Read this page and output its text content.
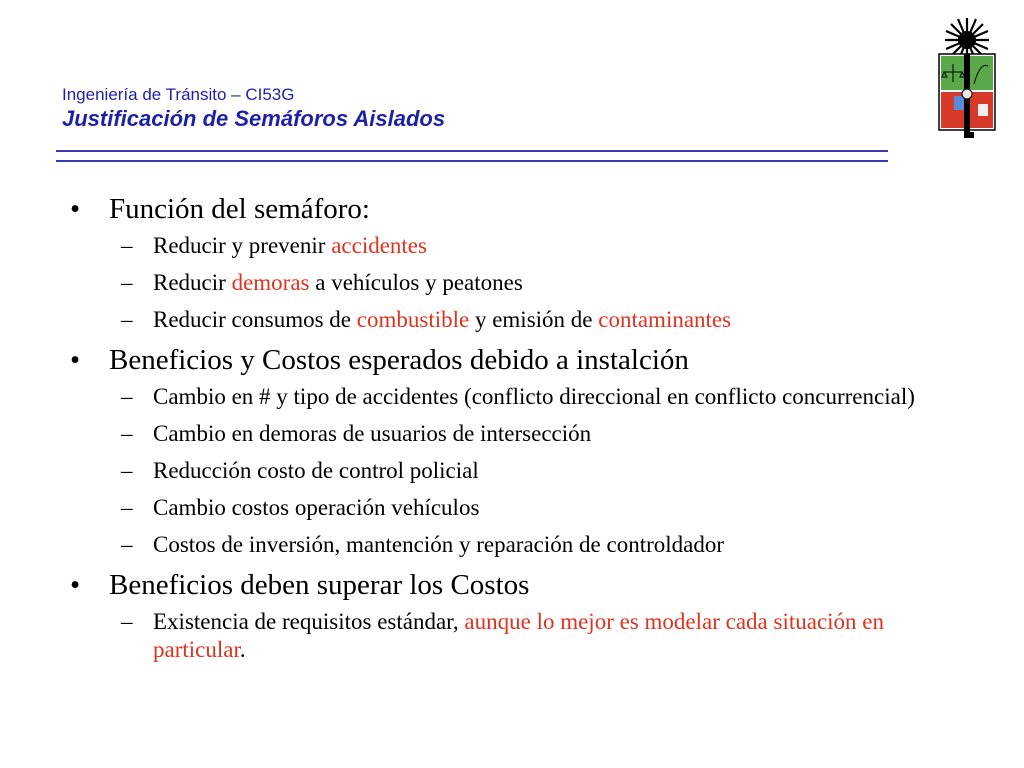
Ingeniería de Tránsito – CI53G
Justificación de Semáforos Aislados
• Función del semáforo:
– Reducir y prevenir accidentes
– Reducir demoras a vehículos y peatones
– Reducir consumos de combustible y emisión de contaminantes
• Beneficios y Costos esperados debido a instalción
– Cambio en # y tipo de accidentes (conflicto direccional en conflicto concurrencial)
– Cambio en demoras de usuarios de intersección
– Reducción costo de control policial
– Cambio costos operación vehículos
– Costos de inversión, mantención y reparación de controldador
• Beneficios deben superar los Costos
– Existencia de requisitos estándar, aunque lo mejor es modelar cada situación en particular.
